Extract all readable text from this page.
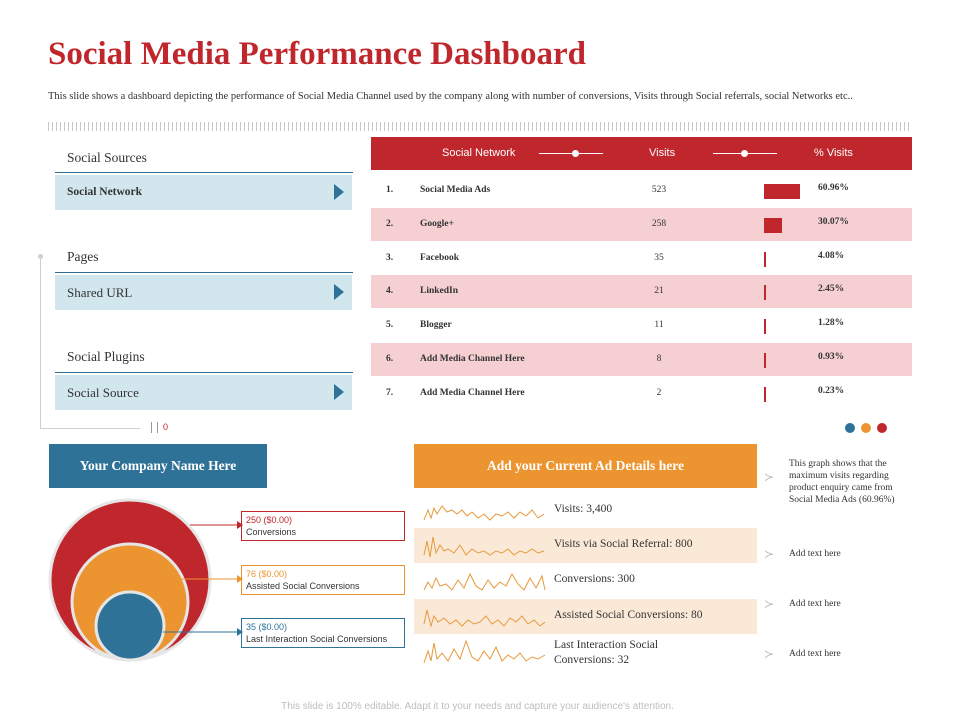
Social Media Performance Dashboard
This slide shows a dashboard depicting the performance of Social Media Channel used by the company along with number of conversions, Visits through Social referrals, social Networks etc..
Social Sources
Social Network
Pages
Shared URL
Social Plugins
Social Source
0
Social Network	Visits	% Visits
1.	Social Media Ads	523	60.96%
2.	Google+	258	30.07%
3.	Facebook	35	4.08%
4.	LinkedIn	21	2.45%
5.	Blogger	11	1.28%
6.	Add Media Channel Here	8	0.93%
7.	Add Media Channel Here	2	0.23%
Your Company Name Here
250 ($0.00)
Conversions
76 ($0.00)
Assisted Social Conversions
35 ($0.00)
Last Interaction Social Conversions
Add your Current Ad Details here
Visits: 3,400
Visits via Social Referral: 800
Conversions: 300
Assisted Social Conversions: 80
Last Interaction Social Conversions: 32
≻
This graph shows that the maximum visits regarding product enquiry came from Social Media Ads (60.96%)
≻ Add text here
≻ Add text here
≻ Add text here
This slide is 100% editable. Adapt it to your needs and capture your audience's attention.
